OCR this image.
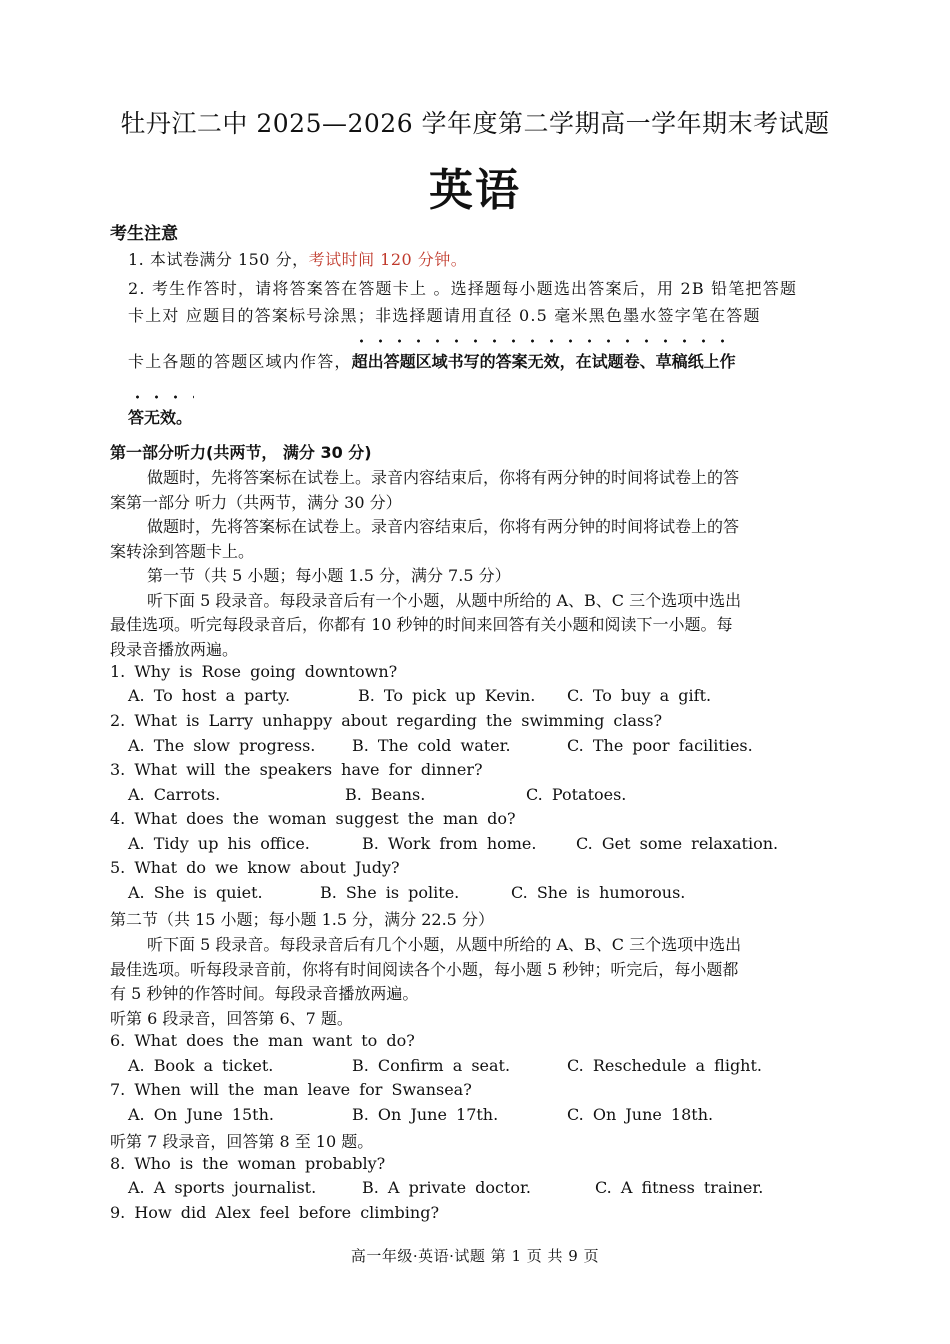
牡丹江二中 2025—2026 学年度第二学期高一学年期末考试题
英语
考生注意
1. 本试卷满分 150 分，考试时间 120 分钟。
2. 考生作答时，请将答案答在答题卡上 。选择题每小题选出答案后，用 2B 铅笔把答题
卡上对 应题目的答案标号涂黑；非选择题请用直径 0.5 毫米黑色墨水签字笔在答题
卡上各题的答题区域内作答，
超出答题区域书写的答案无效，在试题卷、草稿纸上作
答无效。
第一部分听力(共两节， 满分 30 分)
做题时，先将答案标在试卷上。录音内容结束后，你将有两分钟的时间将试卷上的答
案第一部分 听力（共两节，满分 30 分）
做题时，先将答案标在试卷上。录音内容结束后，你将有两分钟的时间将试卷上的答
案转涂到答题卡上。
第一节（共 5 小题；每小题 1.5 分，满分 7.5 分）
听下面 5 段录音。每段录音后有一个小题，从题中所给的 A、B、C 三个选项中选出
最佳选项。听完每段录音后，你都有 10 秒钟的时间来回答有关小题和阅读下一小题。每
段录音播放两遍。
1. Why is Rose going downtown?
A. To host a party.	B. To pick up Kevin. C. To buy a gift.
2. What is Larry unhappy about regarding the swimming class?
A. The slow progress. B. The cold water.	C. The poor facilities.
3. What will the speakers have for dinner?
A. Carrots.	B. Beans.	C. Potatoes.
4. What does the woman suggest the man do?
A. Tidy up his office.	B. Work from home. C. Get some relaxation.
5. What do we know about Judy?
A. She is quiet.	B. She is polite.	C. She is humorous.
第二节（共 15 小题；每小题 1.5 分，满分 22.5 分）
听下面 5 段录音。每段录音后有几个小题，从题中所给的 A、B、C 三个选项中选出
最佳选项。听每段录音前，你将有时间阅读各个小题，每小题 5 秒钟；听完后，每小题都
有 5 秒钟的作答时间。每段录音播放两遍。
听第 6 段录音，回答第 6、7 题。
6. What does the man want to do?
A. Book a ticket.	B. Confirm a seat.	C. Reschedule a flight.
7. When will the man leave for Swansea?
A. On June 15th.	B. On June 17th.	C. On June 18th.
听第 7 段录音，回答第 8 至 10 题。
8. Who is the woman probably?
A. A sports journalist.	B. A private doctor.	C. A fitness trainer.
9. How did Alex feel before climbing?
高一年级·英语·试题 第 1 页 共 9 页
